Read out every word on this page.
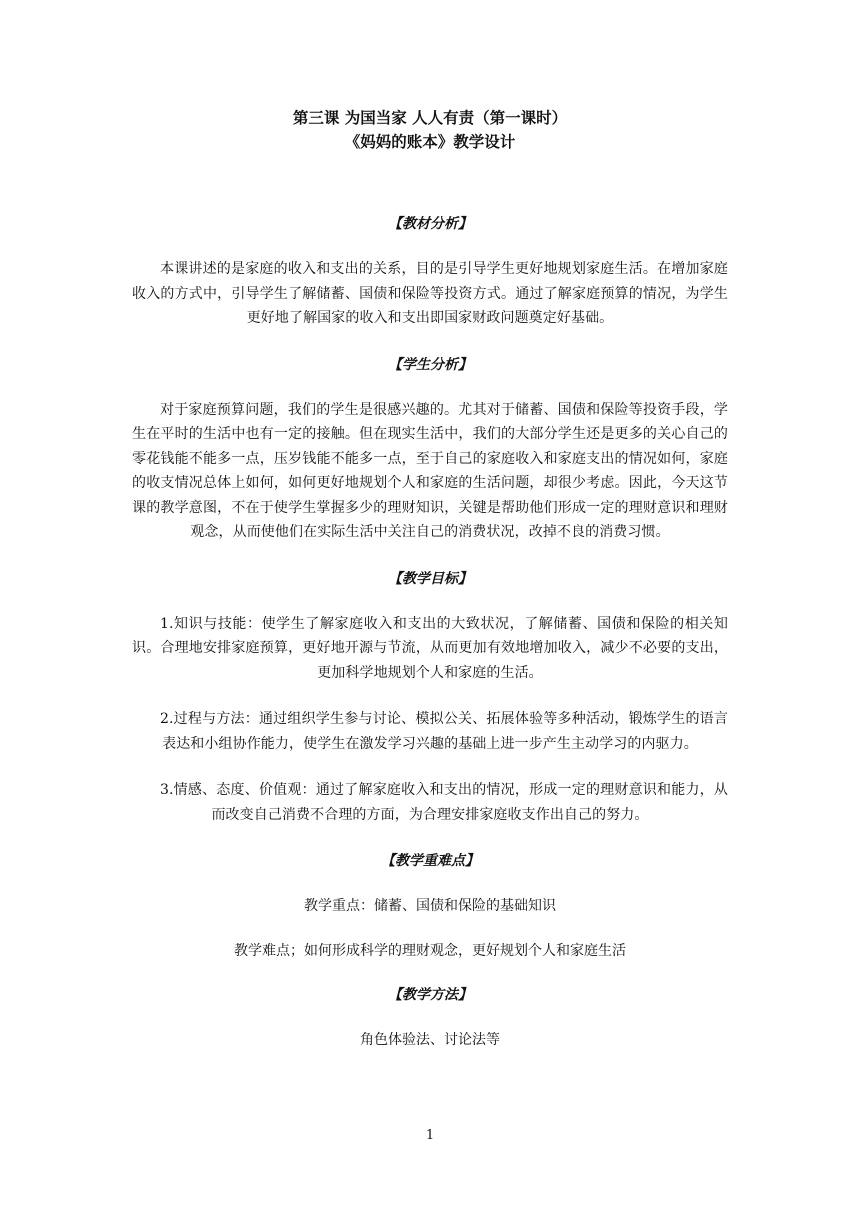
第三课 为国当家 人人有责（第一课时）
《妈妈的账本》教学设计
【教材分析】

本课讲述的是家庭的收入和支出的关系，目的是引导学生更好地规划家庭生活。在增加家庭收入的方式中，引导学生了解储蓄、国债和保险等投资方式。通过了解家庭预算的情况，为学生更好地了解国家的收入和支出即国家财政问题奠定好基础。

【学生分析】

对于家庭预算问题，我们的学生是很感兴趣的。尤其对于储蓄、国债和保险等投资手段，学生在平时的生活中也有一定的接触。但在现实生活中，我们的大部分学生还是更多的关心自己的零花钱能不能多一点，压岁钱能不能多一点，至于自己的家庭收入和家庭支出的情况如何，家庭的收支情况总体上如何，如何更好地规划个人和家庭的生活问题，却很少考虑。因此，今天这节课的教学意图，不在于使学生掌握多少的理财知识，关键是帮助他们形成一定的理财意识和理财观念，从而使他们在实际生活中关注自己的消费状况，改掉不良的消费习惯。

【教学目标】

1.知识与技能：使学生了解家庭收入和支出的大致状况，了解储蓄、国债和保险的相关知识。合理地安排家庭预算，更好地开源与节流，从而更加有效地增加收入，减少不必要的支出，更加科学地规划个人和家庭的生活。

2.过程与方法：通过组织学生参与讨论、模拟公关、拓展体验等多种活动，锻炼学生的语言表达和小组协作能力，使学生在激发学习兴趣的基础上进一步产生主动学习的内驱力。

3.情感、态度、价值观：通过了解家庭收入和支出的情况，形成一定的理财意识和能力，从而改变自己消费不合理的方面，为合理安排家庭收支作出自己的努力。

【教学重难点】

教学重点：储蓄、国债和保险的基础知识

教学难点；如何形成科学的理财观念，更好规划个人和家庭生活

【教学方法】

角色体验法、讨论法等

1
